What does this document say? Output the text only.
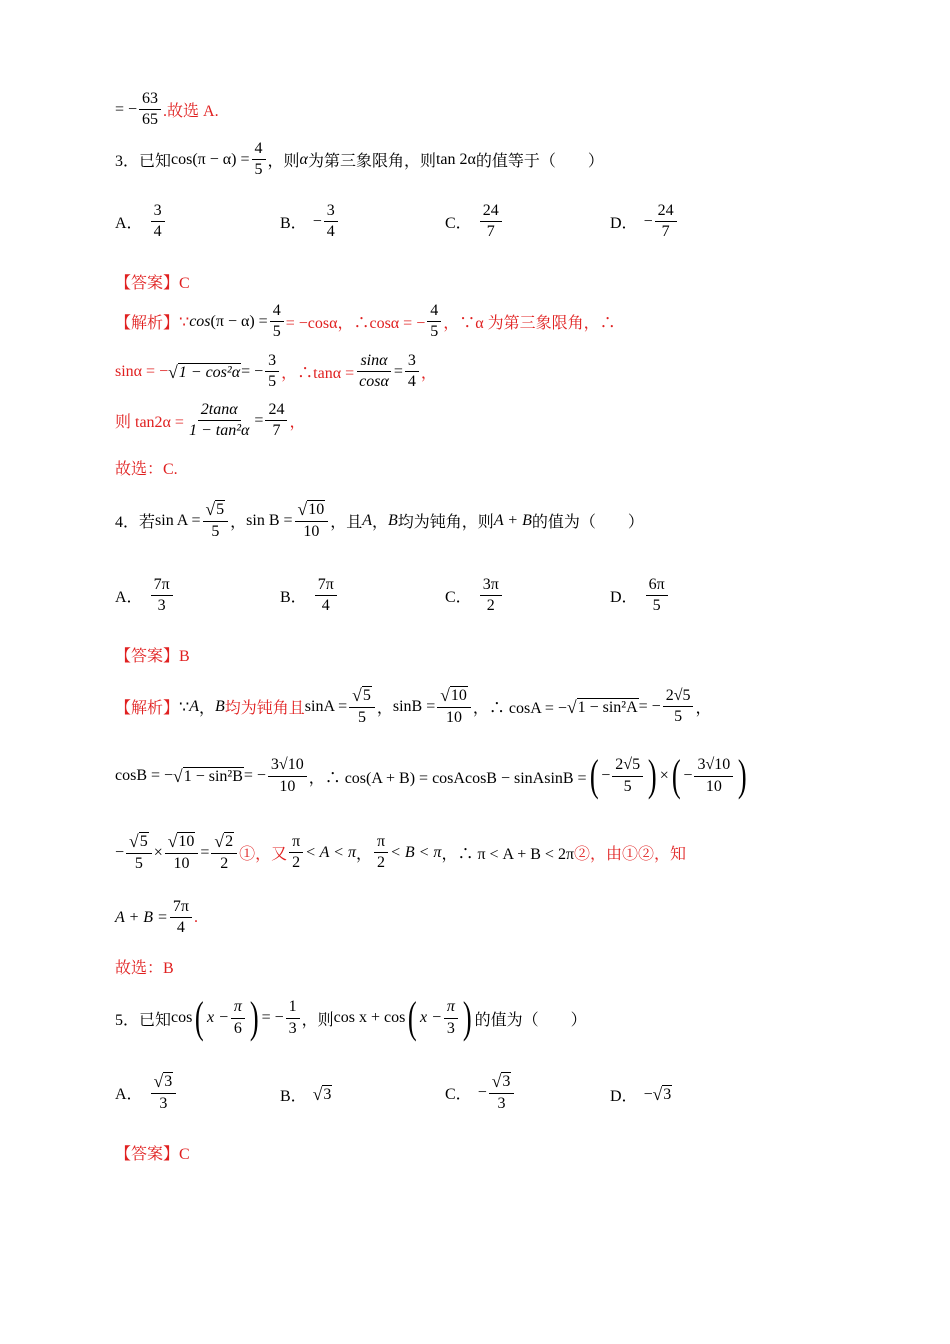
= − $\frac{63}{65}$ .故选 A.
3．已知 $\cos(\pi - \alpha) = \frac{4}{5}$ ，则 α 为第三象限角，则 tan 2α 的值等于（　　）
A． $\frac{3}{4}$	B． − $\frac{3}{4}$	C． $\frac{24}{7}$	D． − $\frac{24}{7}$
【答案】C
【解析】 ∵ $\cos (\pi - \alpha) = \frac{4}{5} = -\cos\alpha$，∴cosα = − $\frac{4}{5}$ ，∵α 为第三象限角，∴
sinα = − √ 1 − cos²α = − $\frac{3}{5}$ ，∴tanα = $\frac{\sin\alpha}{\cos\alpha} = \frac{3}{4}$ ，
则 $\tan 2\alpha = \frac{2\tan\alpha}{\text{1 − tan²α}} = \frac{24}{7}$ ，
故选：C.
4．若 $\sin A = \frac{√ 5}{5}$ ， $\sin B = \frac{√ 10}{10}$ ，且 A ， B 均为钝角，则 A + B 的值为（　　）
A． $\frac{7\pi}{3}$	B． $\frac{7\pi}{4}$	C． $\frac{3\pi}{2}$	D． $\frac{6\pi}{5}$
【答案】B
【解析】 ∵ A ， B 均为钝角且 $\sin A = \frac{√ 5}{5}$ ， $\sin B = \frac{√ 10}{10}$ ，∴ cosA = − √ 1 − sin²A = − $\frac{2√5}{5}$ ，
cosB = − √ 1 − sin²B = − $\frac{3√10}{10}$ ，∴ cos(A + B) = cosAcosB − sinAsinB = ( − $\frac{2√5}{5}$ ) × ( − $\frac{3√10}{10}$ )
− $\frac{√ 5}{5} \times \frac{√ 10}{10} = \frac{√ 2}{2}$ ①，又 $\frac{\pi}{2} < A < \pi$ ， $\frac{\pi}{2} < B < \pi$ ，∴ π < A + B < 2π ②，由①②，知
$A + B = \frac{7\pi}{4}$ .
故选：B
5．已知 cos ( $x - \frac{\pi}{6}$ ) = − $\frac{1}{3}$ ，则 cos x + cos ( $x - \frac{\pi}{3}$ ) 的值为（　　）
A． $\frac{√ 3}{3}$	B． √ 3	C． − $\frac{√ 3}{3}$	D． − √ 3
【答案】C
